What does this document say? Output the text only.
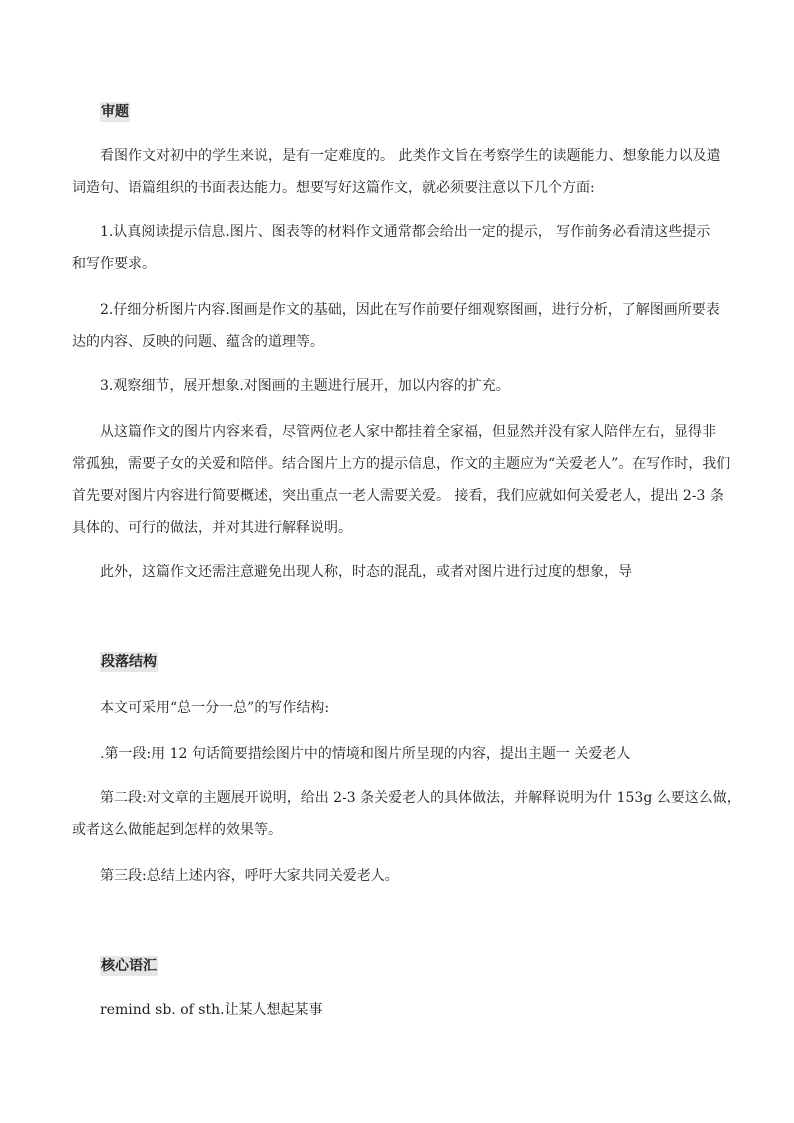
审题

看图作文对初中的学生来说，是有一定难度的。 此类作文旨在考察学生的读题能力、想象能力以及遣

词造句、语篇组织的书面表达能力。想要写好这篇作文，就必须要注意以下几个方面:

1.认真阅读提示信息.图片、图表等的材料作文通常都会给出一定的提示， 写作前务必看清这些提示

和写作要求。

2.仔细分析图片内容.图画是作文的基础，因此在写作前要仔细观察图画，进行分析，了解图画所要表

达的内容、反映的问题、蕴含的道理等。

3.观察细节，展开想象.对图画的主题进行展开，加以内容的扩充。

从这篇作文的图片内容来看，尽管两位老人家中都挂着全家福，但显然并没有家人陪伴左右，显得非

常孤独，需要子女的关爱和陪伴。结合图片上方的提示信息，作文的主题应为“关爱老人”。在写作时，我们

首先要对图片内容进行简要概述，突出重点一老人需要关爱。 接看，我们应就如何关爱老人，提出 2-3 条

具体的、可行的做法，并对其进行解释说明。

此外，这篇作文还需注意避免出现人称，时态的混乱，或者对图片进行过度的想象，导

段落结构

本文可采用“总一分一总”的写作结构:

.第一段:用 12 句话简要措绘图片中的情境和图片所呈现的内容，提出主题一 关爱老人

第二段:对文章的主题展开说明，给出 2-3 条关爱老人的具体做法，并解释说明为什 153g 么要这么做，

或者这么做能起到怎样的效果等。

第三段:总结上述内容，呼吁大家共同关爱老人。

核心语汇

remind sb. of sth.让某人想起某事
